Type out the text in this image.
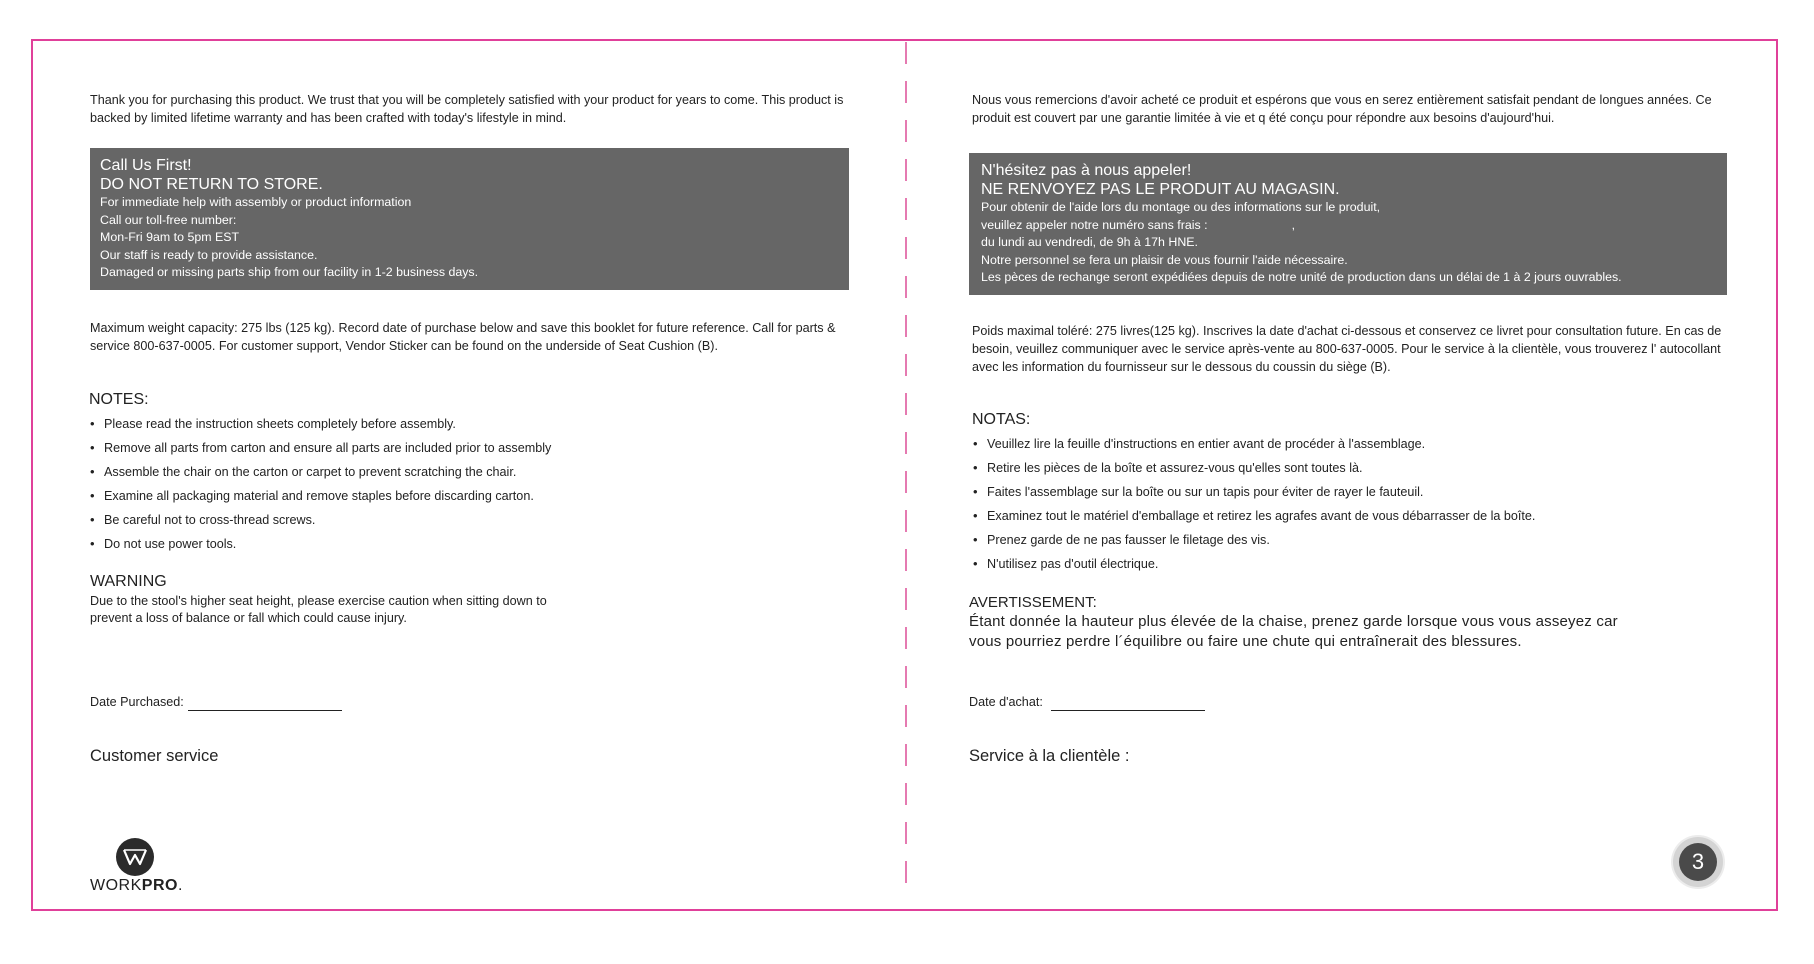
Thank you for purchasing this product. We trust that you will be completely satisfied with your product for years to come. This product is backed by limited lifetime warranty and has been crafted with today's lifestyle in mind.
Call Us First!
DO NOT RETURN TO STORE.
For immediate help with assembly or product information
Call our toll-free number:
Mon-Fri 9am to 5pm EST
Our staff is ready to provide assistance.
Damaged or missing parts ship from our facility in 1-2 business days.
Maximum weight capacity: 275 lbs (125 kg). Record date of purchase below and save this booklet for future reference. Call for parts & service 800-637-0005. For customer support, Vendor Sticker can be found on the underside of Seat Cushion (B).
NOTES:
• Please read the instruction sheets completely before assembly.
• Remove all parts from carton and ensure all parts are included prior to assembly
• Assemble the chair on the carton or carpet to prevent scratching the chair.
• Examine all packaging material and remove staples before discarding carton.
• Be careful not to cross-thread screws.
• Do not use power tools.
WARNING
Due to the stool's higher seat height, please exercise caution when sitting down to
prevent a loss of balance or fall which could cause injury.
Date Purchased:
Customer service
WORKPRO.
Nous vous remercions d'avoir acheté ce produit et espérons que vous en serez entièrement satisfait pendant de longues années. Ce produit est couvert par une garantie limitée à vie et q été conçu pour répondre aux besoins d'aujourd'hui.
N'hésitez pas à nous appeler!
NE RENVOYEZ PAS LE PRODUIT AU MAGASIN.
Pour obtenir de l'aide lors du montage ou des informations sur le produit,
veuillez appeler notre numéro sans frais :	,
du lundi au vendredi, de 9h à 17h HNE.
Notre personnel se fera un plaisir de vous fournir l'aide nécessaire.
Les pèces de rechange seront expédiées depuis de notre unité de production dans un délai de 1 à 2 jours ouvrables.
Poids maximal toléré: 275 livres(125 kg). Inscrives la date d'achat ci-dessous et conservez ce livret pour consultation future. En cas de besoin, veuillez communiquer avec le service après-vente au 800-637-0005. Pour le service à la clientèle, vous trouverez l' autocollant avec les information du fournisseur sur le dessous du coussin du siège (B).
NOTAS:
• Veuillez lire la feuille d'instructions en entier avant de procéder à l'assemblage.
• Retire les pièces de la boîte et assurez-vous qu'elles sont toutes là.
• Faites l'assemblage sur la boîte ou sur un tapis pour éviter de rayer le fauteuil.
• Examinez tout le matériel d'emballage et retirez les agrafes avant de vous débarrasser de la boîte.
• Prenez garde de ne pas fausser le filetage des vis.
• N'utilisez pas d'outil électrique.
AVERTISSEMENT:
Étant donnée la hauteur plus élevée de la chaise, prenez garde lorsque vous vous asseyez car
vous pourriez perdre l´équilibre ou faire une chute qui entraînerait des blessures.
Date d'achat:
Service à la clientèle :
3
